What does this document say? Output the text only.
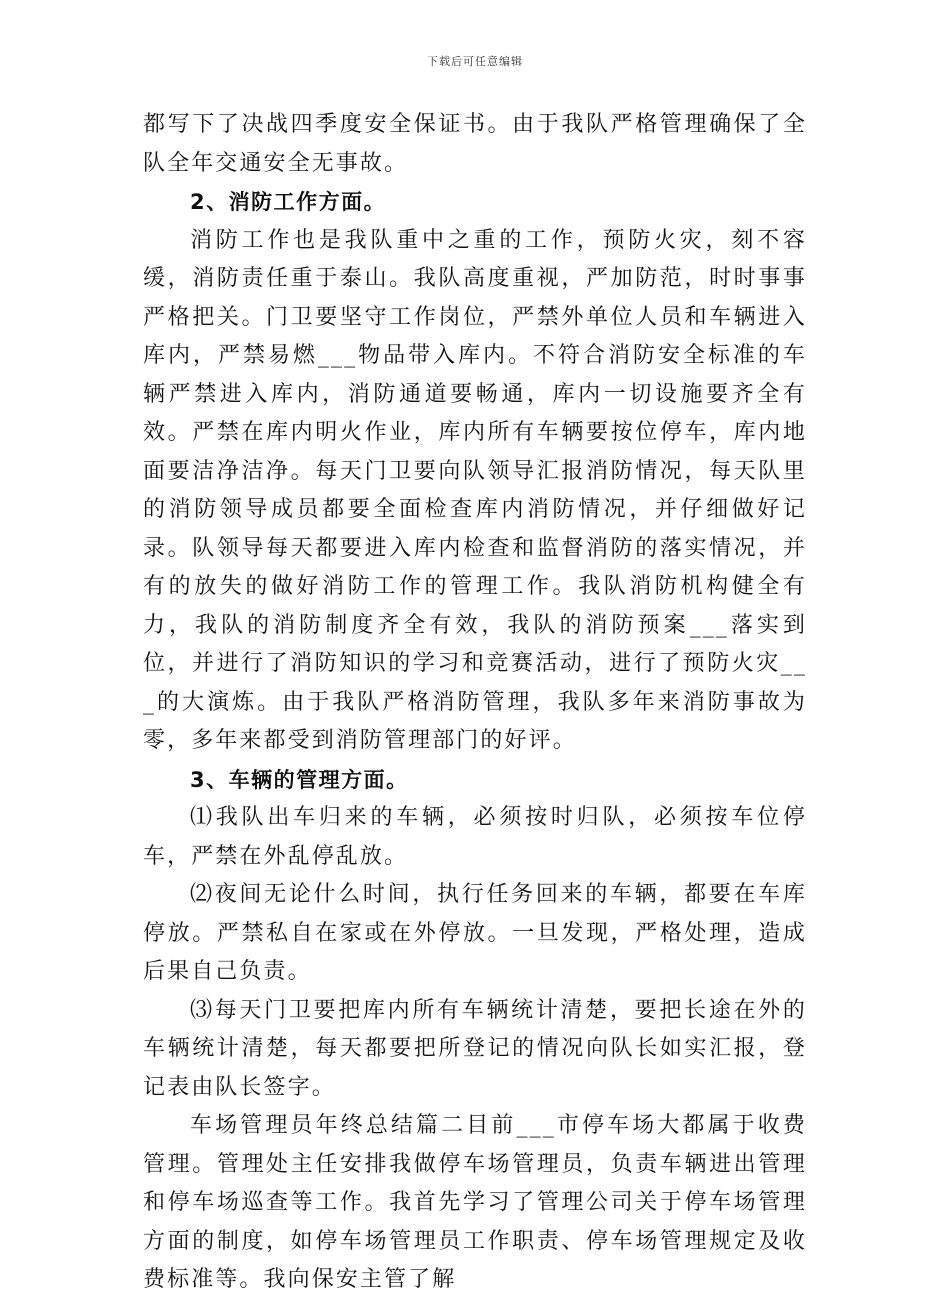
下载后可任意编辑

都写下了决战四季度安全保证书。由于我队严格管理确保了全队全年交通安全无事故。

2、消防工作方面。

消防工作也是我队重中之重的工作，预防火灾，刻不容缓，消防责任重于泰山。我队高度重视，严加防范，时时事事严格把关。门卫要坚守工作岗位，严禁外单位人员和车辆进入库内，严禁易燃___物品带入库内。不符合消防安全标准的车辆严禁进入库内，消防通道要畅通，库内一切设施要齐全有效。严禁在库内明火作业，库内所有车辆要按位停车，库内地面要洁净洁净。每天门卫要向队领导汇报消防情况，每天队里的消防领导成员都要全面检查库内消防情况，并仔细做好记录。队领导每天都要进入库内检查和监督消防的落实情况，并有的放失的做好消防工作的管理工作。我队消防机构健全有力，我队的消防制度齐全有效，我队的消防预案___落实到位，并进行了消防知识的学习和竞赛活动，进行了预防火灾___的大演炼。由于我队严格消防管理，我队多年来消防事故为零，多年来都受到消防管理部门的好评。

3、车辆的管理方面。

⑴我队出车归来的车辆，必须按时归队，必须按车位停车，严禁在外乱停乱放。

⑵夜间无论什么时间，执行任务回来的车辆，都要在车库停放。严禁私自在家或在外停放。一旦发现，严格处理，造成后果自己负责。

⑶每天门卫要把库内所有车辆统计清楚，要把长途在外的车辆统计清楚，每天都要把所登记的情况向队长如实汇报，登记表由队长签字。

车场管理员年终总结篇二目前___市停车场大都属于收费管理。管理处主任安排我做停车场管理员，负责车辆进出管理和停车场巡查等工作。我首先学习了管理公司关于停车场管理方面的制度，如停车场管理员工作职责、停车场管理规定及收费标准等。我向保安主管了解
